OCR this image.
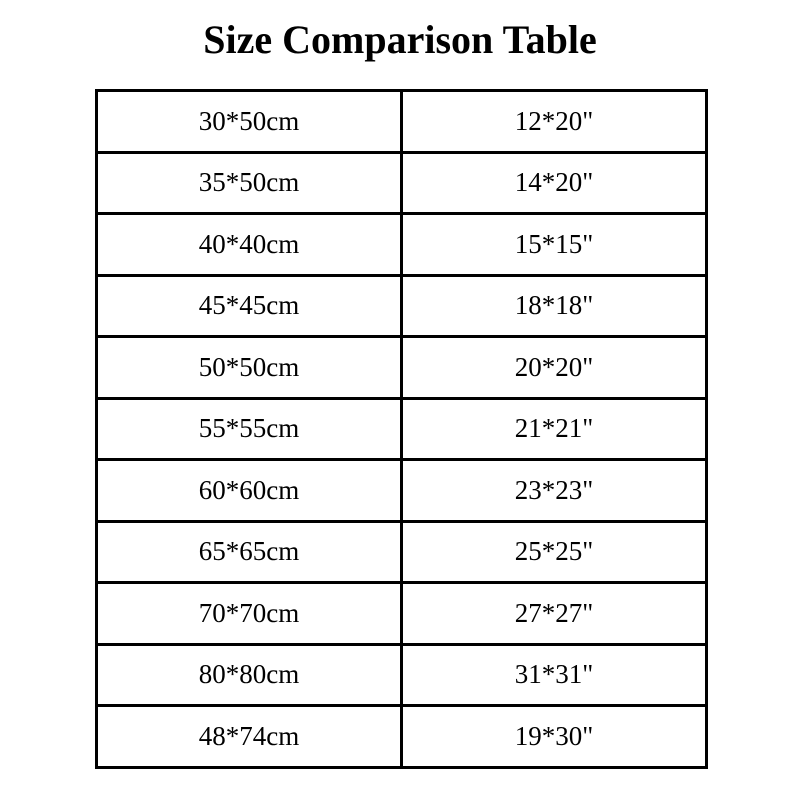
Size Comparison Table
30*50cm	12*20"
35*50cm	14*20"
40*40cm	15*15"
45*45cm	18*18"
50*50cm	20*20"
55*55cm	21*21"
60*60cm	23*23"
65*65cm	25*25"
70*70cm	27*27"
80*80cm	31*31"
48*74cm	19*30"
